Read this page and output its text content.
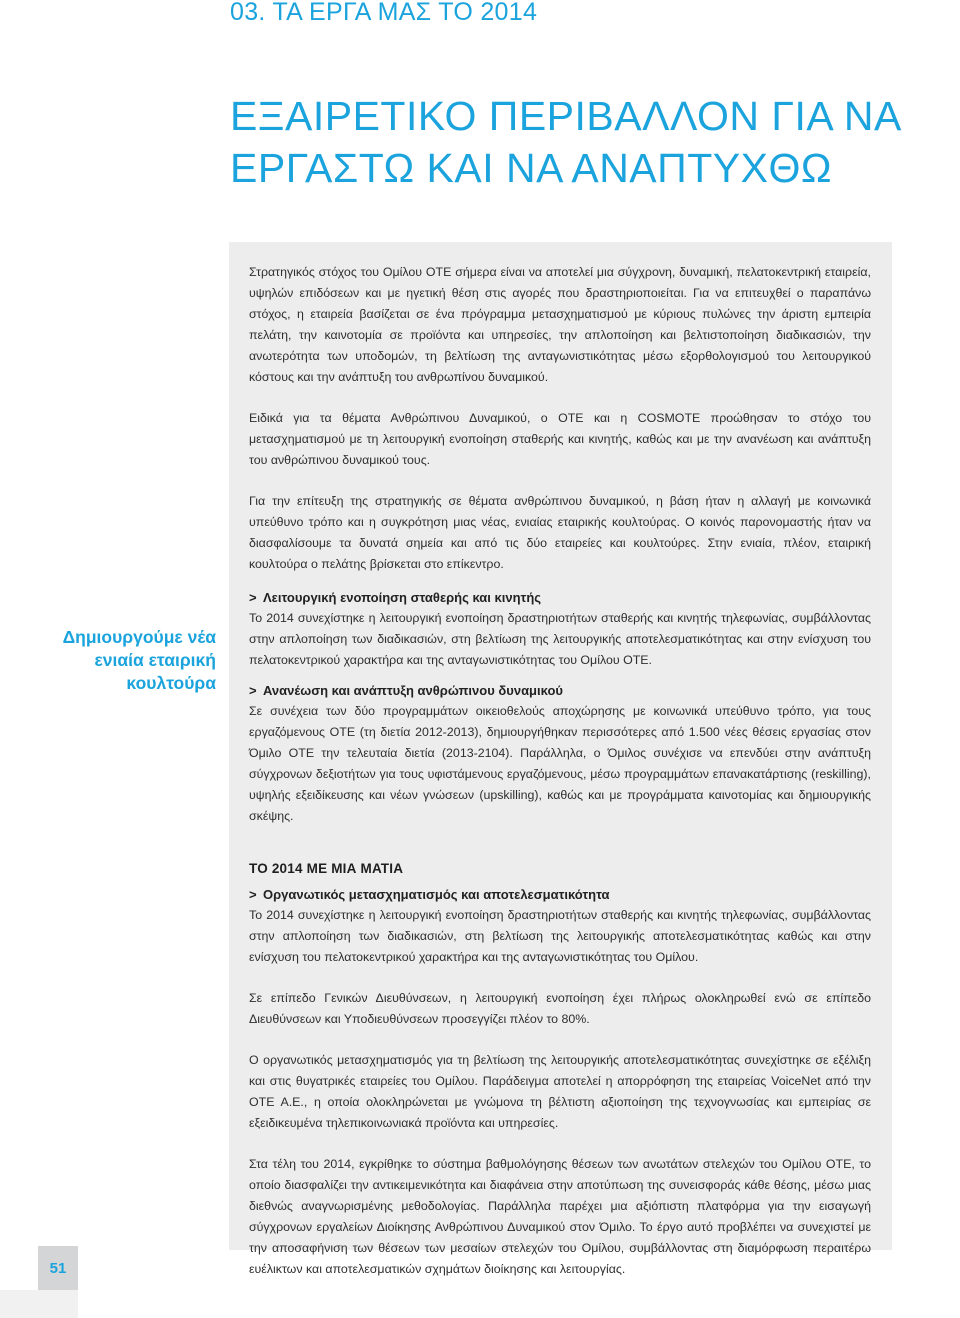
03. ΤΑ ΕΡΓΑ ΜΑΣ ΤΟ 2014
ΕΞΑΙΡΕΤΙΚΟ ΠΕΡΙΒΑΛΛΟΝ ΓΙΑ ΝΑ
ΕΡΓΑΣΤΩ ΚΑΙ ΝΑ ΑΝΑΠΤΥΧΘΩ

Στρατηγικός στόχος του Ομίλου ΟΤΕ σήμερα είναι να αποτελεί μια σύγχρονη, δυναμική, πελατοκεντρική εταιρεία, υψηλών επιδόσεων και με ηγετική θέση στις αγορές που δραστηριοποιείται. Για να επιτευχθεί ο παραπάνω στόχος, η εταιρεία βασίζεται σε ένα πρόγραμμα μετασχηματισμού με κύριους πυλώνες την άριστη εμπειρία πελάτη, την καινοτομία σε προϊόντα και υπηρεσίες, την απλοποίηση και βελτιστοποίηση διαδικασιών, την ανωτερότητα των υποδομών, τη βελτίωση της ανταγωνιστικότητας μέσω εξορθολογισμού του λειτουργικού κόστους και την ανάπτυξη του ανθρωπίνου δυναμικού.

Ειδικά για τα θέματα Ανθρώπινου Δυναμικού, ο ΟΤΕ και η COSMOTE προώθησαν το στόχο του μετασχηματισμού με τη λειτουργική ενοποίηση σταθερής και κινητής, καθώς και με την ανανέωση και ανάπτυξη του ανθρώπινου δυναμικού τους.

Για την επίτευξη της στρατηγικής σε θέματα ανθρώπινου δυναμικού, η βάση ήταν η αλλαγή με κοινωνικά υπεύθυνο τρόπο και η συγκρότηση μιας νέας, ενιαίας εταιρικής κουλτούρας. Ο κοινός παρονομαστής ήταν να διασφαλίσουμε τα δυνατά σημεία και από τις δύο εταιρείες και κουλτούρες. Στην ενιαία, πλέον, εταιρική κουλτούρα ο πελάτης βρίσκεται στο επίκεντρο.

> Λειτουργική ενοποίηση σταθερής και κινητής

Το 2014 συνεχίστηκε η λειτουργική ενοποίηση δραστηριοτήτων σταθερής και κινητής τηλεφωνίας, συμβάλλοντας στην απλοποίηση των διαδικασιών, στη βελτίωση της λειτουργικής αποτελεσματικότητας και στην ενίσχυση του πελατοκεντρικού χαρακτήρα και της ανταγωνιστικότητας του Ομίλου ΟΤΕ.

> Ανανέωση και ανάπτυξη ανθρώπινου δυναμικού

Σε συνέχεια των δύο προγραμμάτων οικειοθελούς αποχώρησης με κοινωνικά υπεύθυνο τρόπο, για τους εργαζόμενους ΟΤΕ (τη διετία 2012-2013), δημιουργήθηκαν περισσότερες από 1.500 νέες θέσεις εργασίας στον Όμιλο ΟΤΕ την τελευταία διετία (2013-2104). Παράλληλα, ο Όμιλος συνέχισε να επενδύει στην ανάπτυξη σύγχρονων δεξιοτήτων για τους υφιστάμενους εργαζόμενους, μέσω προγραμμάτων επανακατάρτισης (reskilling), υψηλής εξειδίκευσης και νέων γνώσεων (upskilling), καθώς και με προγράμματα καινοτομίας και δημιουργικής σκέψης.

ΤΟ 2014 ΜΕ ΜΙΑ ΜΑΤΙΑ
> Οργανωτικός μετασχηματισμός και αποτελεσματικότητα

Το 2014 συνεχίστηκε η λειτουργική ενοποίηση δραστηριοτήτων σταθερής και κινητής τηλεφωνίας, συμβάλλοντας στην απλοποίηση των διαδικασιών, στη βελτίωση της λειτουργικής αποτελεσματικότητας καθώς και στην ενίσχυση του πελατοκεντρικού χαρακτήρα και της ανταγωνιστικότητας του Ομίλου.

Σε επίπεδο Γενικών Διευθύνσεων, η λειτουργική ενοποίηση έχει πλήρως ολοκληρωθεί ενώ σε επίπεδο Διευθύνσεων και Υποδιευθύνσεων προσεγγίζει πλέον το 80%.

Ο οργανωτικός μετασχηματισμός για τη βελτίωση της λειτουργικής αποτελεσματικότητας συνεχίστηκε σε εξέλιξη και στις θυγατρικές εταιρείες του Ομίλου. Παράδειγμα αποτελεί η απορρόφηση της εταιρείας VoiceNet από την ΟΤΕ Α.Ε., η οποία ολοκληρώνεται με γνώμονα τη βέλτιστη αξιοποίηση της τεχνογνωσίας και εμπειρίας σε εξειδικευμένα τηλεπικοινωνιακά προϊόντα και υπηρεσίες.

Στα τέλη του 2014, εγκρίθηκε το σύστημα βαθμολόγησης θέσεων των ανωτάτων στελεχών του Ομίλου ΟΤΕ, το οποίο διασφαλίζει την αντικειμενικότητα και διαφάνεια στην αποτύπωση της συνεισφοράς κάθε θέσης, μέσω μιας διεθνώς αναγνωρισμένης μεθοδολογίας. Παράλληλα παρέχει μια αξιόπιστη πλατφόρμα για την εισαγωγή σύγχρονων εργαλείων Διοίκησης Ανθρώπινου Δυναμικού στον Όμιλο. Το έργο αυτό προβλέπει να συνεχιστεί με την αποσαφήνιση των θέσεων των μεσαίων στελεχών του Ομίλου, συμβάλλοντας στη διαμόρφωση περαιτέρω ευέλικτων και αποτελεσματικών σχημάτων διοίκησης και λειτουργίας.

Δημιουργούμε νέα
ενιαία εταιρική
κουλτούρα
51
